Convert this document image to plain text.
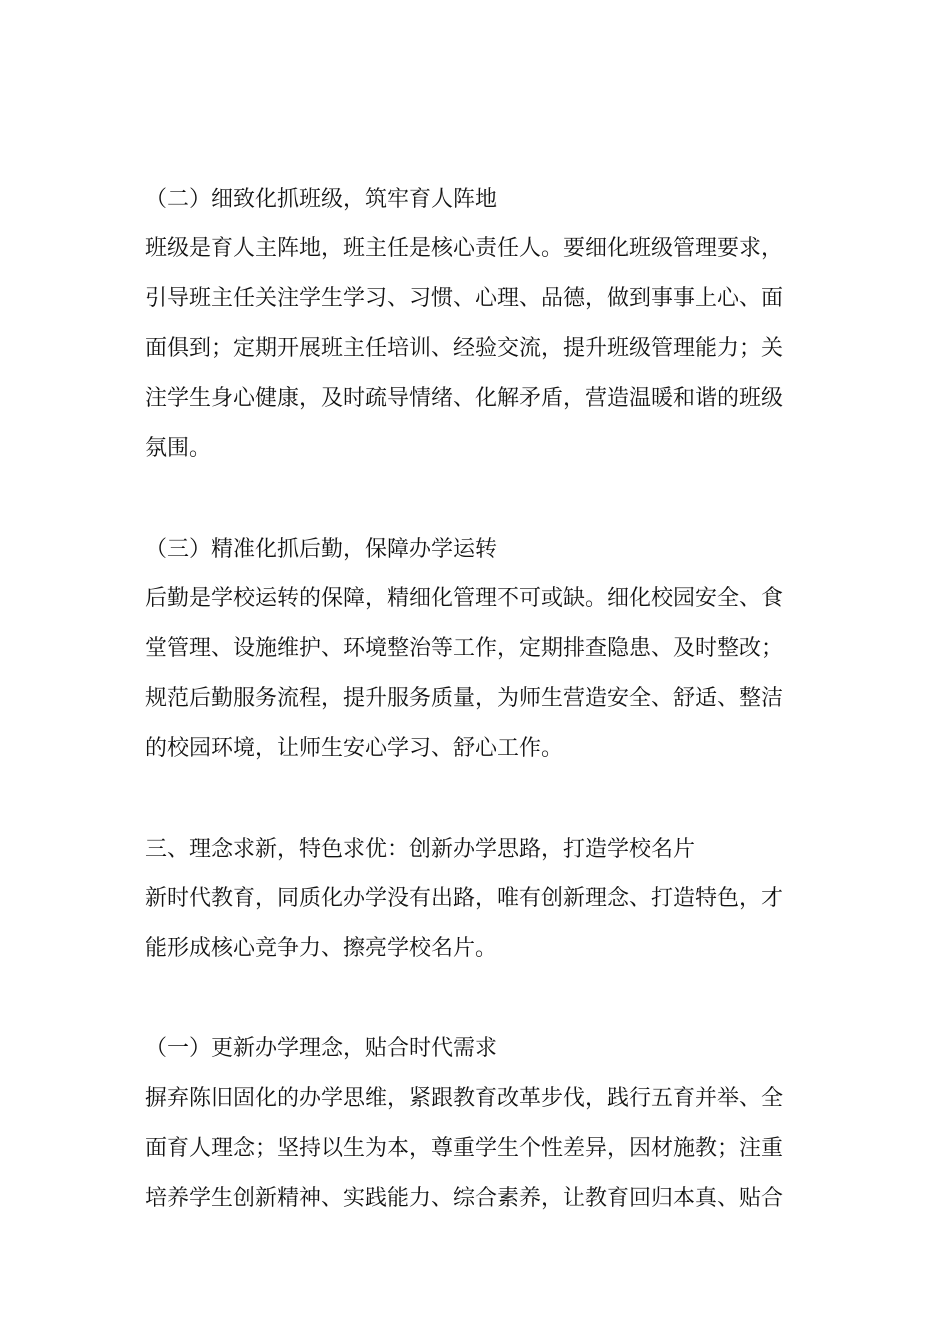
（二）细致化抓班级，筑牢育人阵地
班级是育人主阵地，班主任是核心责任人。要细化班级管理要求，
引导班主任关注学生学习、习惯、心理、品德，做到事事上心、面
面俱到；定期开展班主任培训、经验交流，提升班级管理能力；关
注学生身心健康，及时疏导情绪、化解矛盾，营造温暖和谐的班级
氛围。
（三）精准化抓后勤，保障办学运转
后勤是学校运转的保障，精细化管理不可或缺。细化校园安全、食
堂管理、设施维护、环境整治等工作，定期排查隐患、及时整改；
规范后勤服务流程，提升服务质量，为师生营造安全、舒适、整洁
的校园环境，让师生安心学习、舒心工作。
三、理念求新，特色求优：创新办学思路，打造学校名片
新时代教育，同质化办学没有出路，唯有创新理念、打造特色，才
能形成核心竞争力、擦亮学校名片。
（一）更新办学理念，贴合时代需求
摒弃陈旧固化的办学思维，紧跟教育改革步伐，践行五育并举、全
面育人理念；坚持以生为本，尊重学生个性差异，因材施教；注重
培养学生创新精神、实践能力、综合素养，让教育回归本真、贴合
